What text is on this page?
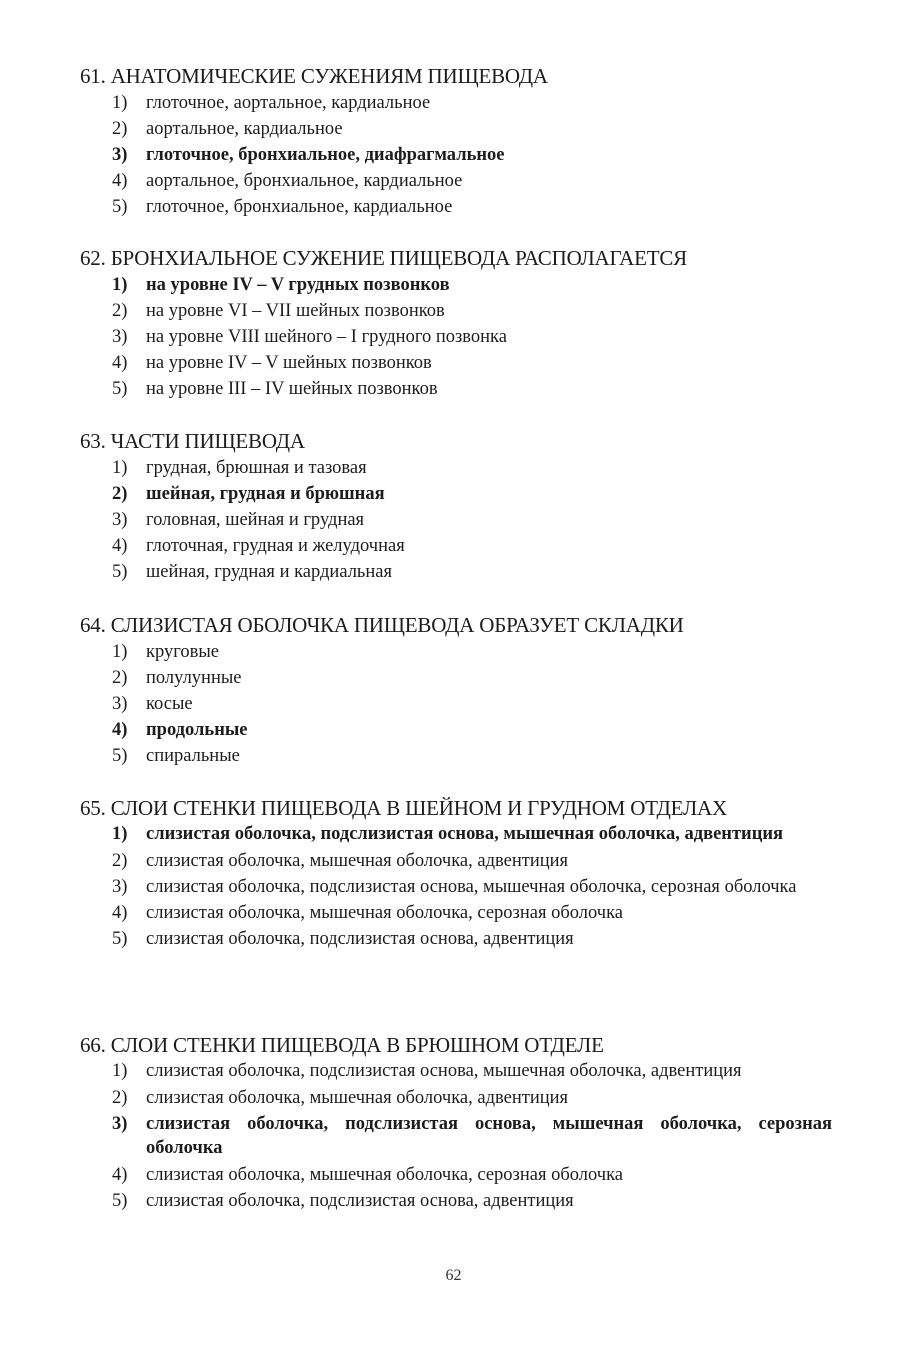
61. АНАТОМИЧЕСКИЕ СУЖЕНИЯМ ПИЩЕВОДА
1) глоточное, аортальное, кардиальное
2) аортальное, кардиальное
3) глоточное, бронхиальное, диафрагмальное
4) аортальное, бронхиальное, кардиальное
5) глоточное, бронхиальное, кардиальное
62. БРОНХИАЛЬНОЕ СУЖЕНИЕ ПИЩЕВОДА РАСПОЛАГАЕТСЯ
1) на уровне IV – V грудных позвонков
2) на уровне VI – VII шейных позвонков
3) на уровне VIII шейного – I грудного позвонка
4) на уровне IV – V шейных позвонков
5) на уровне III – IV шейных позвонков
63. ЧАСТИ ПИЩЕВОДА
1) грудная, брюшная и тазовая
2) шейная, грудная и брюшная
3) головная, шейная и грудная
4) глоточная, грудная и желудочная
5) шейная, грудная и кардиальная
64. СЛИЗИСТАЯ ОБОЛОЧКА ПИЩЕВОДА ОБРАЗУЕТ СКЛАДКИ
1) круговые
2) полулунные
3) косые
4) продольные
5) спиральные
65. СЛОИ СТЕНКИ ПИЩЕВОДА В ШЕЙНОМ И ГРУДНОМ ОТДЕЛАХ
1) слизистая оболочка, подслизистая основа, мышечная оболочка, адвентиция
2) слизистая оболочка, мышечная оболочка, адвентиция
3) слизистая оболочка, подслизистая основа, мышечная оболочка, серозная оболочка
4) слизистая оболочка, мышечная оболочка, серозная оболочка
5) слизистая оболочка, подслизистая основа, адвентиция
66. СЛОИ СТЕНКИ ПИЩЕВОДА В БРЮШНОМ ОТДЕЛЕ
1) слизистая оболочка, подслизистая основа, мышечная оболочка, адвентиция
2) слизистая оболочка, мышечная оболочка, адвентиция
3) слизистая оболочка, подслизистая основа, мышечная оболочка, серозная оболочка
4) слизистая оболочка, мышечная оболочка, серозная оболочка
5) слизистая оболочка, подслизистая основа, адвентиция
62
